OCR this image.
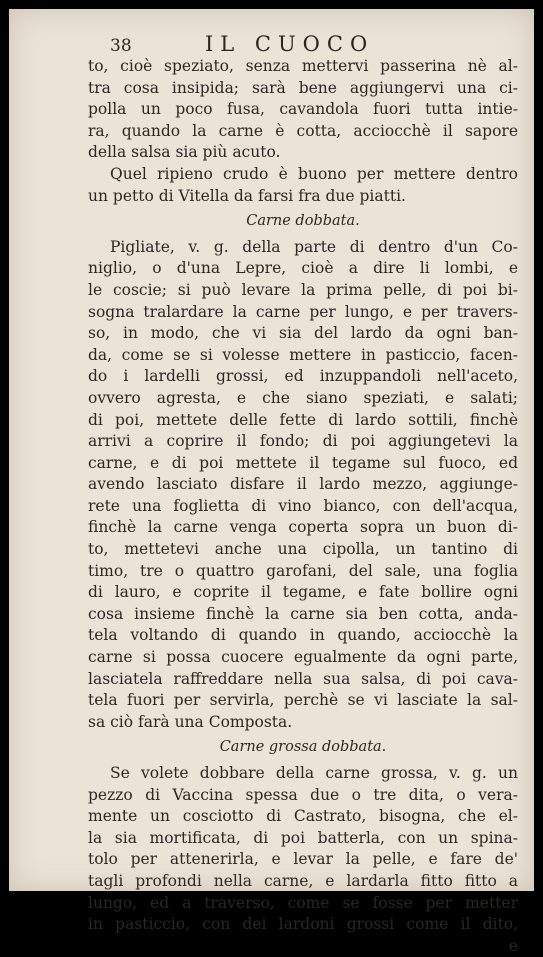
38	IL CUOCO
to, cioè speziato, senza mettervi passerina nè al-
tra cosa insipida; sarà bene aggiungervi una ci-
polla un poco fusa, cavandola fuori tutta intie-
ra, quando la carne è cotta, acciocchè il sapore
della salsa sia più acuto.
Quel ripieno crudo è buono per mettere dentro
un petto di Vitella da farsi fra due piatti.
Carne dobbata.
Pigliate, v. g. della parte di dentro d'un Co-
niglio, o d'una Lepre, cioè a dire li lombi, e
le coscie; si può levare la prima pelle, di poi bi-
sogna tralardare la carne per lungo, e per travers-
so, in modo, che vi sia del lardo da ogni ban-
da, come se si volesse mettere in pasticcio, facen-
do i lardelli grossi, ed inzuppandoli nell'aceto,
ovvero agresta, e che siano speziati, e salati;
di poi, mettete delle fette di lardo sottili, finchè
arrivi a coprire il fondo; di poi aggiungetevi la
carne, e di poi mettete il tegame sul fuoco, ed
avendo lasciato disfare il lardo mezzo, aggiunge-
rete una foglietta di vino bianco, con dell'acqua,
finchè la carne venga coperta sopra un buon di-
to, mettetevi anche una cipolla, un tantino di
timo, tre o quattro garofani, del sale, una foglia
di lauro, e coprite il tegame, e fate bollire ogni
cosa insieme finchè la carne sia ben cotta, anda-
tela voltando di quando in quando, acciocchè la
carne si possa cuocere egualmente da ogni parte,
lasciatela raffreddare nella sua salsa, di poi cava-
tela fuori per servirla, perchè se vi lasciate la sal-
sa ciò farà una Composta.
Carne grossa dobbata.
Se volete dobbare della carne grossa, v. g. un
pezzo di Vaccina spessa due o tre dita, o vera-
mente un cosciotto di Castrato, bisogna, che el-
la sia mortificata, di poi batterla, con un spina-
tolo per attenerirla, e levar la pelle, e fare de'
tagli profondi nella carne, e lardarla fitto fitto a
lungo, ed a traverso, come se fosse per metter
in pasticcio, con dei lardoni grossi come il dito,
e
